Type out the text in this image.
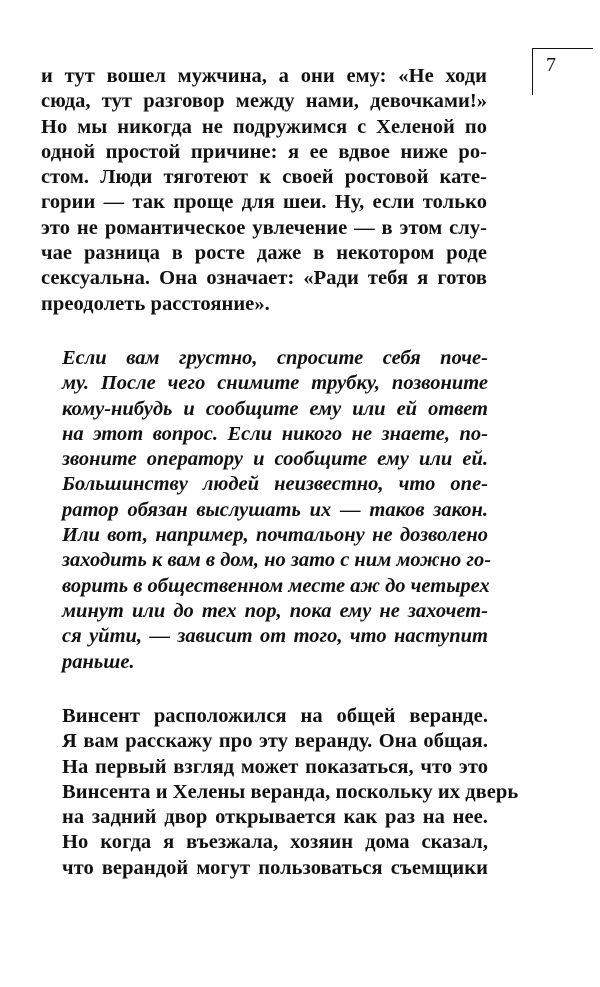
7
и тут вошел мужчина, а они ему: «Не ходи
сюда, тут разговор между нами, девочками!»
Но мы никогда не подружимся с Хеленой по
одной простой причине: я ее вдвое ниже ро-
стом. Люди тяготеют к своей ростовой кате-
гории — так проще для шеи. Ну, если только
это не романтическое увлечение — в этом слу-
чае разница в росте даже в некотором роде
сексуальна. Она означает: «Ради тебя я готов
преодолеть расстояние».
Если вам грустно, спросите себя поче-
му. После чего снимите трубку, позвоните
кому-нибудь и сообщите ему или ей ответ
на этот вопрос. Если никого не знаете, по-
звоните оператору и сообщите ему или ей.
Большинству людей неизвестно, что опе-
ратор обязан выслушать их — таков закон.
Или вот, например, почтальону не дозволено
заходить к вам в дом, но зато с ним можно го-
ворить в общественном месте аж до четырех
минут или до тех пор, пока ему не захочет-
ся уйти, — зависит от того, что наступит
раньше.
Винсент расположился на общей веранде.
Я вам расскажу про эту веранду. Она общая.
На первый взгляд может показаться, что это
Винсента и Хелены веранда, поскольку их дверь
на задний двор открывается как раз на нее.
Но когда я въезжала, хозяин дома сказал,
что верандой могут пользоваться съемщики
